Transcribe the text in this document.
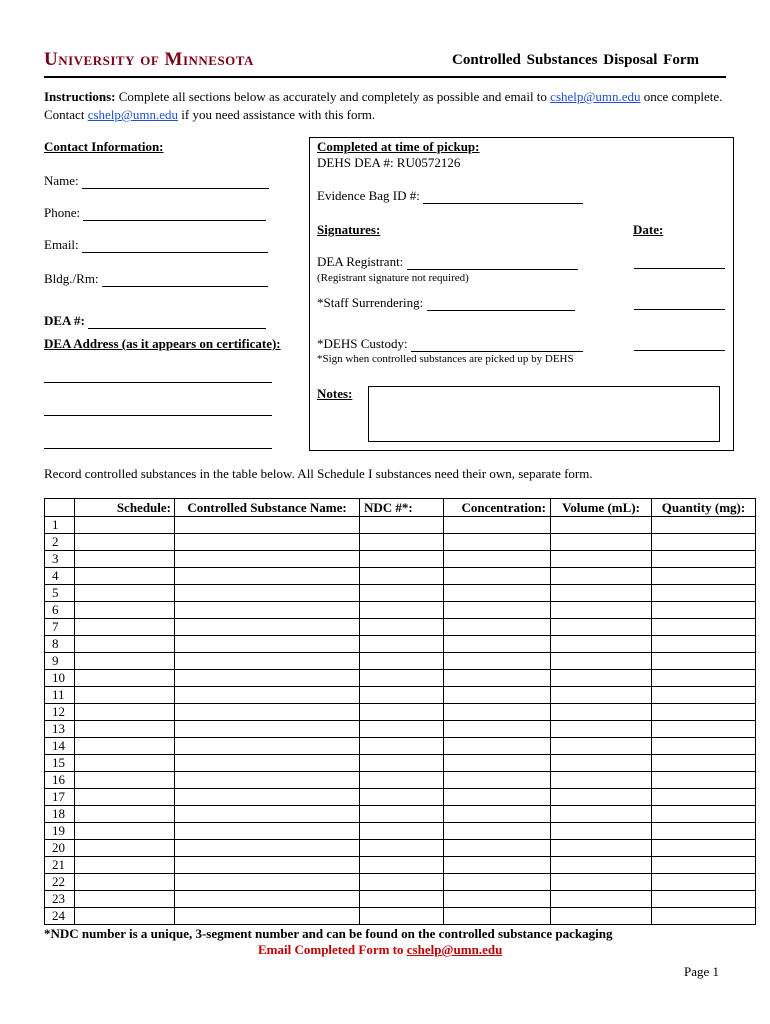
University of Minnesota	Controlled Substances Disposal Form
Instructions: Complete all sections below as accurately and completely as possible and email to cshelp@umn.edu once complete. Contact cshelp@umn.edu if you need assistance with this form.
Contact Information:
Name:
Phone:
Email:
Bldg./Rm:
DEA #:
DEA Address (as it appears on certificate):
Completed at time of pickup:
DEHS DEA #: RU0572126
Evidence Bag ID #:
Signatures:	Date:
DEA Registrant:
(Registrant signature not required)
*Staff Surrendering:
*DEHS Custody:
*Sign when controlled substances are picked up by DEHS
Notes:
Record controlled substances in the table below. All Schedule I substances need their own, separate form.
	Schedule:	Controlled Substance Name:	NDC #*:	Concentration:	Volume (mL):	Quantity (mg):
1						
2						
3						
4						
5						
6						
7						
8						
9						
10						
11						
12						
13						
14						
15						
16						
17						
18						
19						
20						
21						
22						
23						
24						
*NDC number is a unique, 3-segment number and can be found on the controlled substance packaging
Email Completed Form to cshelp@umn.edu
Page 1
